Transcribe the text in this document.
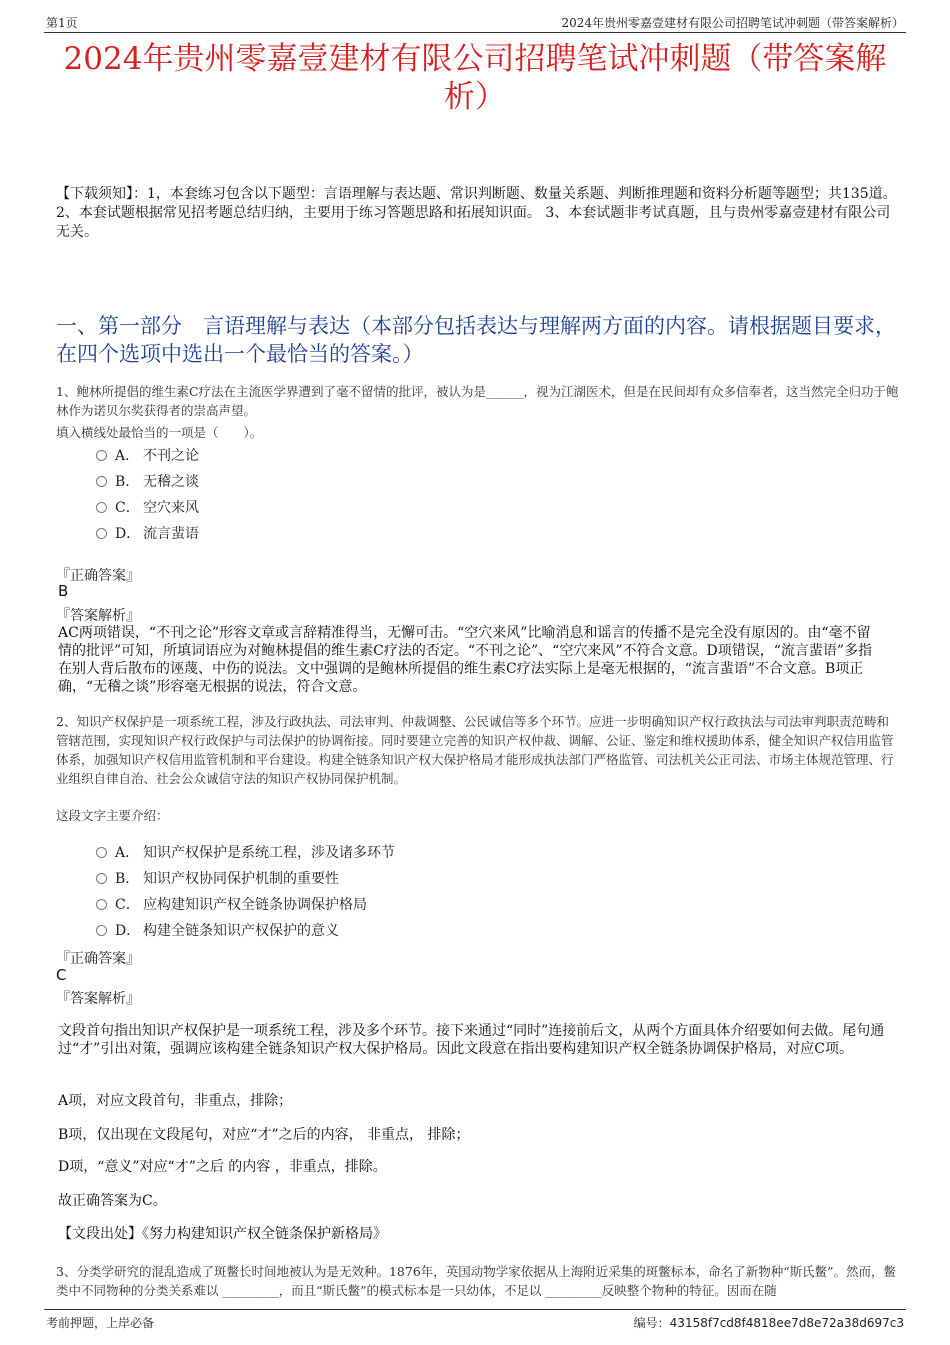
第1页	2024年贵州零嘉壹建材有限公司招聘笔试冲刺题（带答案解析）
2024年贵州零嘉壹建材有限公司招聘笔试冲刺题（带答案解析）
【下载须知】：1，本套练习包含以下题型：言语理解与表达题、常识判断题、数量关系题、判断推理题和资料分析题等题型；共135道。 2、本套试题根据常见招考题总结归纳，主要用于练习答题思路和拓展知识面。 3、本套试题非考试真题，且与贵州零嘉壹建材有限公司无关。
一、第一部分　言语理解与表达（本部分包括表达与理解两方面的内容。请根据题目要求，在四个选项中选出一个最恰当的答案。）
1、鲍林所提倡的维生素C疗法在主流医学界遭到了毫不留情的批评，被认为是______，视为江湖医术，但是在民间却有众多信奉者，这当然完全归功于鲍林作为诺贝尔奖获得者的崇高声望。
填入横线处最恰当的一项是（　　）。
A． 不刊之论
B． 无稽之谈
C． 空穴来风
D． 流言蜚语
『正确答案』
B
『答案解析』
AC两项错误，“不刊之论”形容文章或言辞精准得当，无懈可击。“空穴来风”比喻消息和谣言的传播不是完全没有原因的。由“毫不留情的批评”可知，所填词语应为对鲍林提倡的维生素C疗法的否定。“不刊之论”、“空穴来风”不符合文意。D项错误，“流言蜚语”多指在别人背后散布的诬蔑、中伤的说法。文中强调的是鲍林所提倡的维生素C疗法实际上是毫无根据的，“流言蜚语”不合文意。B项正确，“无稽之谈”形容毫无根据的说法，符合文意。
2、知识产权保护是一项系统工程，涉及行政执法、司法审判、仲裁调整、公民诚信等多个环节。应进一步明确知识产权行政执法与司法审判职责范畴和管辖范围，实现知识产权行政保护与司法保护的协调衔接。同时要建立完善的知识产权仲裁、调解、公证、鉴定和维权援助体系，健全知识产权信用监管体系，加强知识产权信用监管机制和平台建设。构建全链条知识产权大保护格局才能形成执法部门严格监管、司法机关公正司法、市场主体规范管理、行业组织自律自治、社会公众诚信守法的知识产权协同保护机制。
这段文字主要介绍：
A． 知识产权保护是系统工程，涉及诸多环节
B． 知识产权协同保护机制的重要性
C． 应构建知识产权全链条协调保护格局
D． 构建全链条知识产权保护的意义
『正确答案』
C
『答案解析』
文段首句指出知识产权保护是一项系统工程，涉及多个环节。接下来通过“同时”连接前后文，从两个方面具体介绍要如何去做。尾句通过“才”引出对策，强调应该构建全链条知识产权大保护格局。因此文段意在指出要构建知识产权全链条协调保护格局，对应C项。
A项，对应文段首句，非重点，排除；
B项，仅出现在文段尾句，对应“才”之后的内容， 非重点， 排除；
D项，“意义”对应“才”之后 的内容 ，非重点，排除。
故正确答案为C。
【文段出处】《努力构建知识产权全链条保护新格局》
3、分类学研究的混乱造成了斑鳖长时间地被认为是无效种。1876年，英国动物学家依据从上海附近采集的斑鳖标本，命名了新物种“斯氏鳖”。然而，鳖类中不同物种的分类关系难以 _________，而且“斯氏鳖”的模式标本是一只幼体，不足以 _________反映整个物种的特征。因而在随
考前押题，上岸必备	编号：43158f7cd8f4818ee7d8e72a38d697c3
